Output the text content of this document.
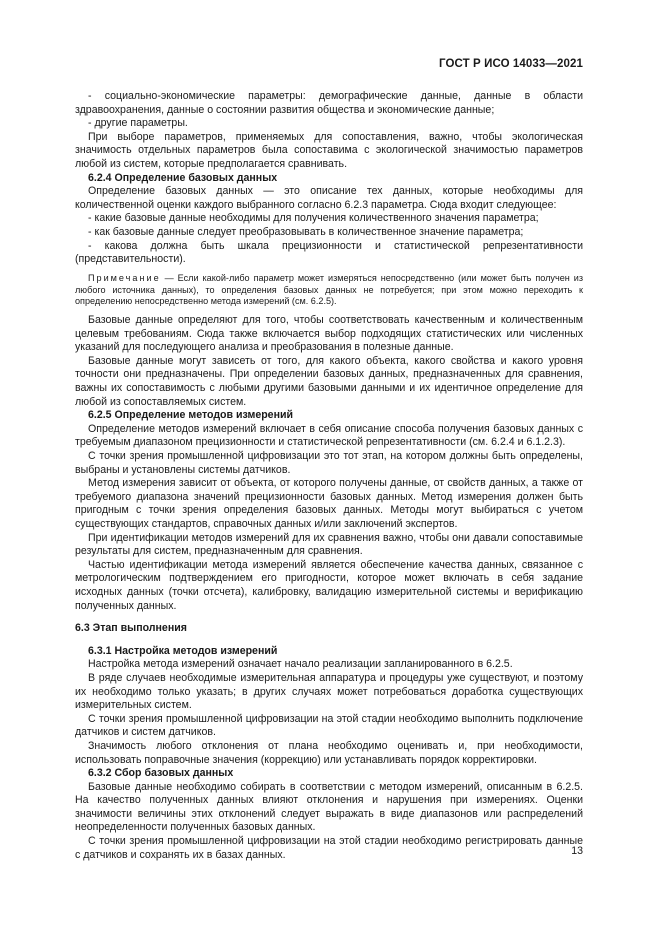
ГОСТ Р ИСО 14033—2021

- социально-экономические параметры: демографические данные, данные в области здравоохранения, данные о состоянии развития общества и экономические данные;

- другие параметры.

При выборе параметров, применяемых для сопоставления, важно, чтобы экологическая значимость отдельных параметров была сопоставима с экологической значимостью параметров любой из систем, которые предполагается сравнивать.

6.2.4 Определение базовых данных

Определение базовых данных — это описание тех данных, которые необходимы для количественной оценки каждого выбранного согласно 6.2.3 параметра. Сюда входит следующее:

- какие базовые данные необходимы для получения количественного значения параметра;

- как базовые данные следует преобразовывать в количественное значение параметра;

- какова должна быть шкала прецизионности и статистической репрезентативности (представительности).

Примечание — Если какой-либо параметр может измеряться непосредственно (или может быть получен из любого источника данных), то определения базовых данных не потребуется; при этом можно переходить к определению непосредственно метода измерений (см. 6.2.5).

Базовые данные определяют для того, чтобы соответствовать качественным и количественным целевым требованиям. Сюда также включается выбор подходящих статистических или численных указаний для последующего анализа и преобразования в полезные данные.

Базовые данные могут зависеть от того, для какого объекта, какого свойства и какого уровня точности они предназначены. При определении базовых данных, предназначенных для сравнения, важны их сопоставимость с любыми другими базовыми данными и их идентичное определение для любой из сопоставляемых систем.

6.2.5 Определение методов измерений

Определение методов измерений включает в себя описание способа получения базовых данных с требуемым диапазоном прецизионности и статистической репрезентативности (см. 6.2.4 и 6.1.2.3).

С точки зрения промышленной цифровизации это тот этап, на котором должны быть определены, выбраны и установлены системы датчиков.

Метод измерения зависит от объекта, от которого получены данные, от свойств данных, а также от требуемого диапазона значений прецизионности базовых данных. Метод измерения должен быть пригодным с точки зрения определения базовых данных. Методы могут выбираться с учетом существующих стандартов, справочных данных и/или заключений экспертов.

При идентификации методов измерений для их сравнения важно, чтобы они давали сопоставимые результаты для систем, предназначенным для сравнения.

Частью идентификации метода измерений является обеспечение качества данных, связанное с метрологическим подтверждением его пригодности, которое может включать в себя задание исходных данных (точки отсчета), калибровку, валидацию измерительной системы и верификацию полученных данных.

6.3 Этап выполнения

6.3.1 Настройка методов измерений

Настройка метода измерений означает начало реализации запланированного в 6.2.5.

В ряде случаев необходимые измерительная аппаратура и процедуры уже существуют, и поэтому их необходимо только указать; в других случаях может потребоваться доработка существующих измерительных систем.

С точки зрения промышленной цифровизации на этой стадии необходимо выполнить подключение датчиков и систем датчиков.

Значимость любого отклонения от плана необходимо оценивать и, при необходимости, использовать поправочные значения (коррекцию) или устанавливать порядок корректировки.

6.3.2 Сбор базовых данных

Базовые данные необходимо собирать в соответствии с методом измерений, описанным в 6.2.5. На качество полученных данных влияют отклонения и нарушения при измерениях. Оценки значимости величины этих отклонений следует выражать в виде диапазонов или распределений неопределенности полученных базовых данных.

С точки зрения промышленной цифровизации на этой стадии необходимо регистрировать данные с датчиков и сохранять их в базах данных.	13
